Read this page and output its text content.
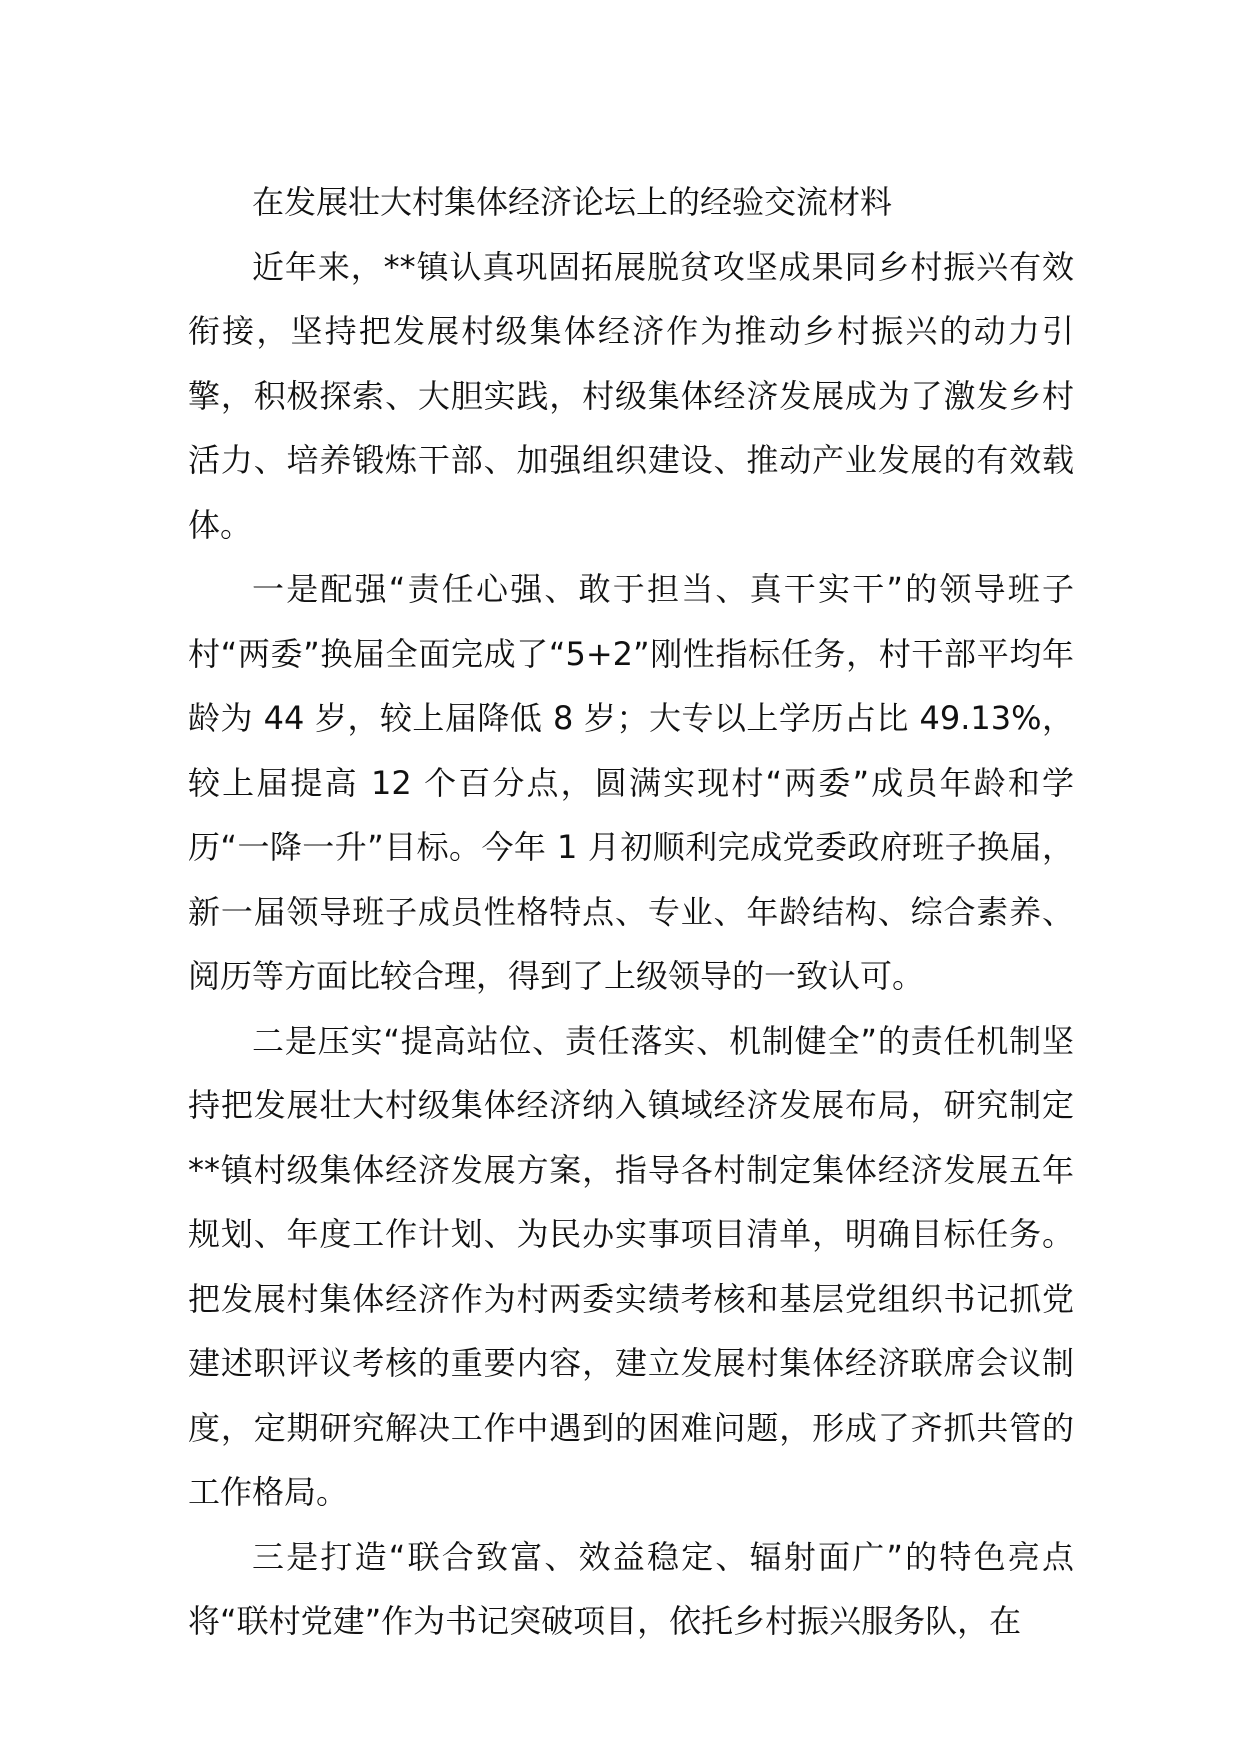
在发展壮大村集体经济论坛上的经验交流材料

近年来，**镇认真巩固拓展脱贫攻坚成果同乡村振兴有效衔接，坚持把发展村级集体经济作为推动乡村振兴的动力引擎，积极探索、大胆实践，村级集体经济发展成为了激发乡村活力、培养锻炼干部、加强组织建设、推动产业发展的有效载体。

一是配强“责任心强、敢于担当、真干实干”的领导班子村“两委”换届全面完成了“5+2”刚性指标任务，村干部平均年龄为 44 岁，较上届降低 8 岁；大专以上学历占比 49.13%，较上届提高 12 个百分点，圆满实现村“两委”成员年龄和学历“一降一升”目标。今年 1 月初顺利完成党委政府班子换届，新一届领导班子成员性格特点、专业、年龄结构、综合素养、阅历等方面比较合理，得到了上级领导的一致认可。

二是压实“提高站位、责任落实、机制健全”的责任机制坚持把发展壮大村级集体经济纳入镇域经济发展布局，研究制定**镇村级集体经济发展方案，指导各村制定集体经济发展五年规划、年度工作计划、为民办实事项目清单，明确目标任务。把发展村集体经济作为村两委实绩考核和基层党组织书记抓党建述职评议考核的重要内容，建立发展村集体经济联席会议制度，定期研究解决工作中遇到的困难问题，形成了齐抓共管的工作格局。

三是打造“联合致富、效益稳定、辐射面广”的特色亮点将“联村党建”作为书记突破项目，依托乡村振兴服务队，在
